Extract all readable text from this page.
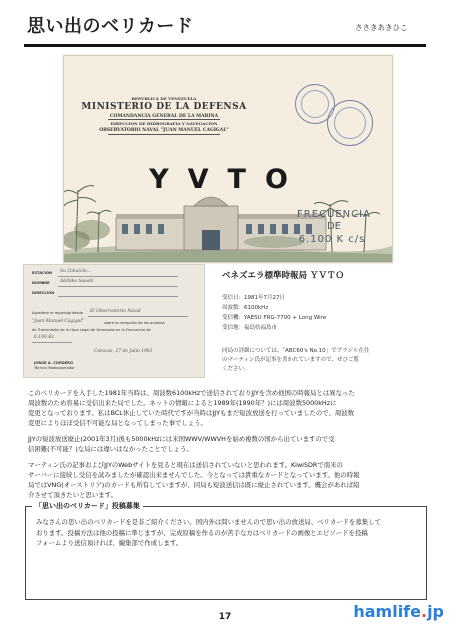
思い出のベリカード	ささきあきひこ
REPUBLICA DE VENEZUELA
MINISTERIO DE LA DEFENSA
COMANDANCIA GENERAL DE LA MARINA
DIRECCION DE HIDROGRAFIA Y NAVEGACION
OBSERVATORIO NAVAL "JUAN MANUEL CAGIGAL"
YVTO
FRECUENCIA
DE
6.100 K c/s
ESTACION Su Tokuichi...
NOMBRE Akihiko Sasaki
DIRECCION
Agradece el reportaje desde El Observatorio Naval
"Juan Manuel Cagigal"	sobre la recepción de las pruebas
de Transmisión de la Hora Legal de Venezuela en la Frecuencia de
6.100 Kc
Caracas, 27 de Julio 1981
JORGE A. CORDERO
Técnico Radiooperador
ベネズエラ標準時報局 ＹＶＴＯ
受信日：1981年7月27日
周波数：6100kHz
受信機：YAESU FRG-7700 + Long Wire
受信地：福島県福島市
同局の詳細については、「ABC60's No.10」でブラジル在住
のマーティン氏が記事を書かれていますので、ぜひご覧
ください。
このベリカードを入手した1981年当時は、周波数6100kHzで送信されておりJJYを含め他国の時報局とは異なった
周波数のため容易に受信出来た局でした。ネットの情報によると1989年(1990年？)には周波数5000kHzに
変更となっております。私はBCL休止していた時代ですが当時はJJYもまだ短波放送を行っていましたので、周波数
変更によりほぼ受信不可能な局となってしまった事でしょう。
JJYの短波放送廃止(2001年3月)後も5000kHzには米国WWV/WWVHを始め複数の国から出ていますので受
信困難(不可能？)な局には違いはなかったことでしょう。
マーティン氏の記事およびJJYのWebサイトを見ると現在は送信されていないと思われます。KiwiSDRで南米の
サーバーに接続し受信を試みましたが確認出来ませんでした。今となっては貴重なカードとなっています。他の時報
局ではVNG(オーストリア)のカードも所有していますが、同局も短波送信は既に廃止されています。機会があれば紹
「思い出のベリカード」投稿募集
みなさんの思い出のベリカードを是非ご紹介ください。国内外は問いませんので思い出の放送局、ベリカードを募集して
おります。投稿方法は他の投稿に準じますが、完成原稿を作るのが苦手な方はベリカードの画像とエピソードを投稿
フォームより送信頂ければ、編集部で作成します。
17	hamlife.jp
介させて頂きたいと思います。
